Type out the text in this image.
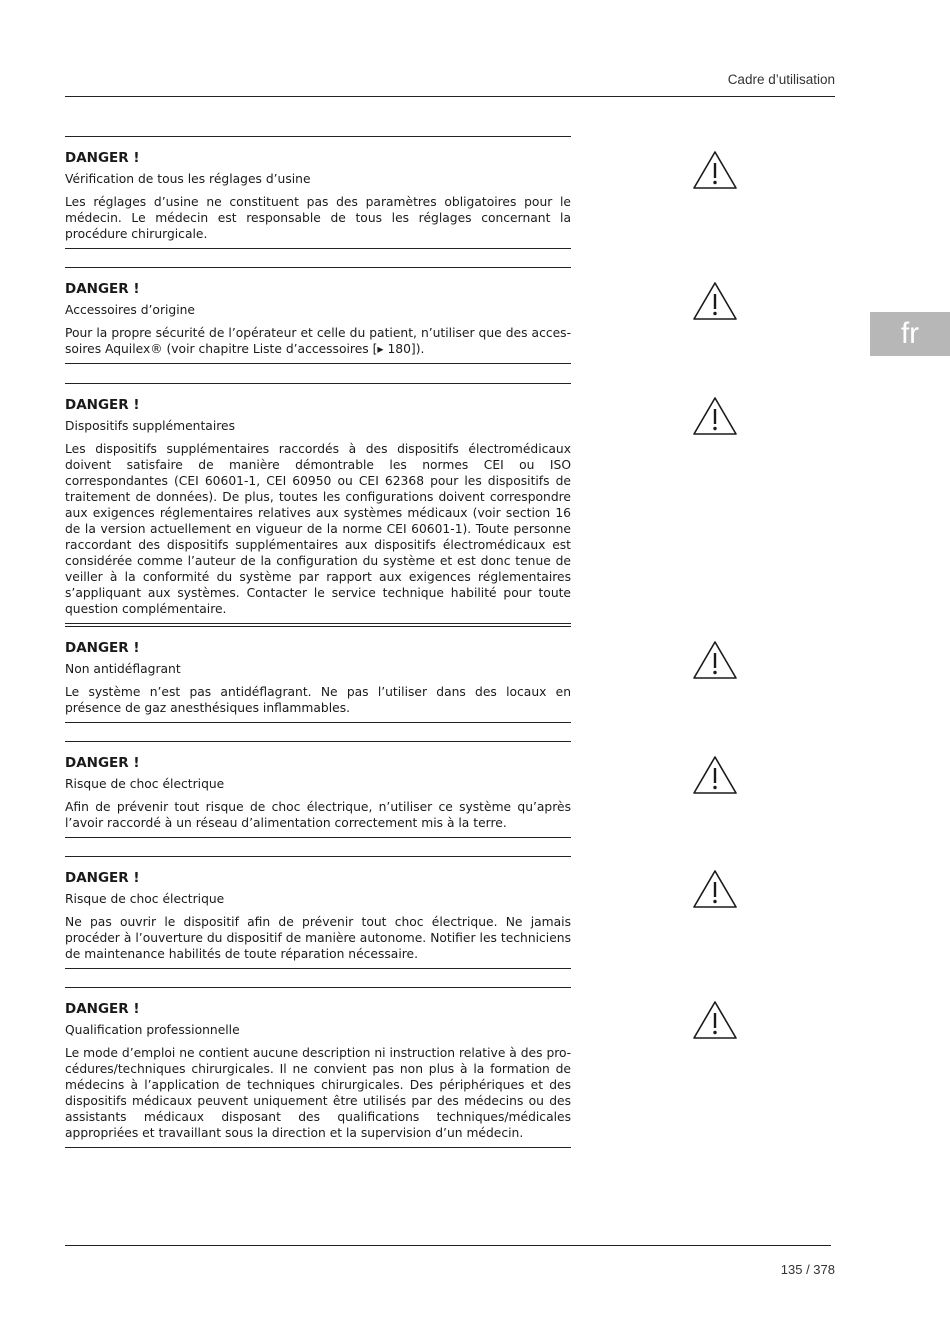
Cadre d’utilisation
fr
DANGER !
Vérification de tous les réglages d’usine
Les réglages d’usine ne constituent pas des paramètres obligatoires pour le médecin. Le médecin est responsable de tous les réglages concernant la procédure chirurgicale.
DANGER !
Accessoires d’origine
Pour la propre sécurité de l’opérateur et celle du patient, n’utiliser que des accessoires Aquilex® (voir chapitre Liste d’accessoires [▸ 180]).
DANGER !
Dispositifs supplémentaires
Les dispositifs supplémentaires raccordés à des dispositifs électromédicaux doivent satisfaire de manière démontrable les normes CEI ou ISO correspondantes (CEI 60601-1, CEI 60950 ou CEI 62368 pour les dispositifs de traitement de données). De plus, toutes les configurations doivent correspondre aux exigences réglementaires relatives aux systèmes médicaux (voir section 16 de la version actuellement en vigueur de la norme CEI 60601-1). Toute personne raccordant des dispositifs supplémentaires aux dispositifs électromédicaux est considérée comme l’auteur de la configuration du système et est donc tenue de veiller à la conformité du système par rapport aux exigences réglementaires s’appliquant aux systèmes. Contacter le service technique habilité pour toute question complémentaire.
DANGER !
Non antidéflagrant
Le système n’est pas antidéflagrant. Ne pas l’utiliser dans des locaux en présence de gaz anesthésiques inflammables.
DANGER !
Risque de choc électrique
Afin de prévenir tout risque de choc électrique, n’utiliser ce système qu’après l’avoir raccordé à un réseau d’alimentation correctement mis à la terre.
DANGER !
Risque de choc électrique
Ne pas ouvrir le dispositif afin de prévenir tout choc électrique. Ne jamais procéder à l’ouverture du dispositif de manière autonome. Notifier les techniciens de maintenance habilités de toute réparation nécessaire.
DANGER !
Qualification professionnelle
Le mode d’emploi ne contient aucune description ni instruction relative à des procédures/techniques chirurgicales. Il ne convient pas non plus à la formation de médecins à l’application de techniques chirurgicales. Des périphériques et des dispositifs médicaux peuvent uniquement être utilisés par des médecins ou des assistants médicaux disposant des qualifications techniques/médicales appropriées et travaillant sous la direction et la supervision d’un médecin.
135 / 378
